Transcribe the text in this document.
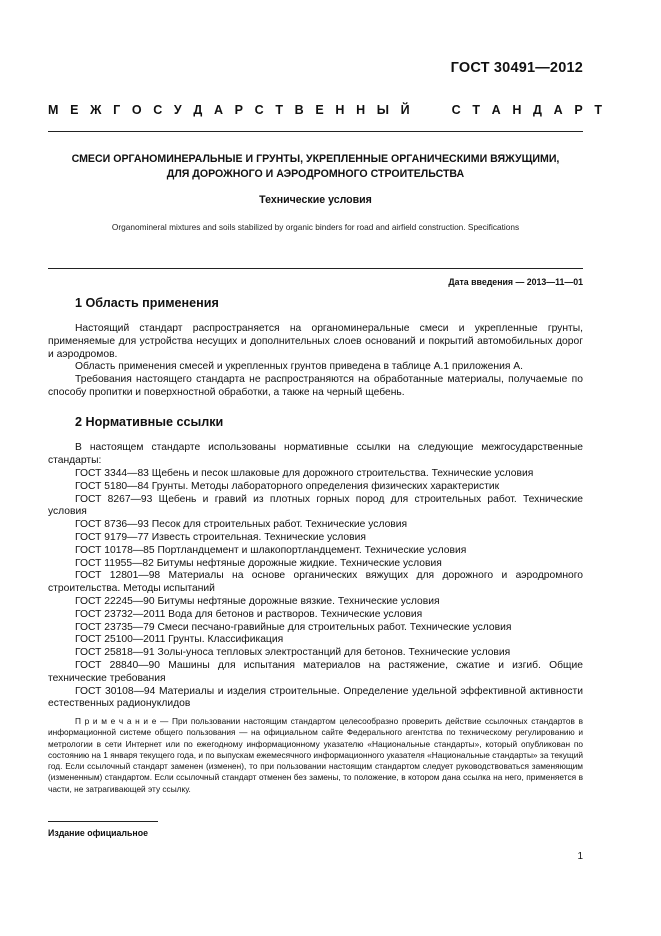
ГОСТ 30491—2012
М Е Ж Г О С У Д А Р С Т В Е Н Н Ы Й     С Т А Н Д А Р Т
СМЕСИ ОРГАНОМИНЕРАЛЬНЫЕ И ГРУНТЫ, УКРЕПЛЕННЫЕ ОРГАНИЧЕСКИМИ ВЯЖУЩИМИ,
ДЛЯ ДОРОЖНОГО И АЭРОДРОМНОГО СТРОИТЕЛЬСТВА
Технические условия
Organomineral mixtures and soils stabilized by organic binders for road and airfield construction. Specifications
Дата введения — 2013—11—01
1 Область применения

Настоящий стандарт распространяется на органоминеральные смеси и укрепленные грунты, применяемые для устройства несущих и дополнительных слоев оснований и покрытий автомобильных дорог и аэродромов.

Область применения смесей и укрепленных грунтов приведена в таблице А.1 приложения А.

Требования настоящего стандарта не распространяются на обработанные материалы, получаемые по способу пропитки и поверхностной обработки, а также на черный щебень.

2 Нормативные ссылки

В настоящем стандарте использованы нормативные ссылки на следующие межгосударственные стандарты:

ГОСТ 3344—83 Щебень и песок шлаковые для дорожного строительства. Технические условия
ГОСТ 5180—84 Грунты. Методы лабораторного определения физических характеристик
ГОСТ 8267—93 Щебень и гравий из плотных горных пород для строительных работ. Технические условия
ГОСТ 8736—93 Песок для строительных работ. Технические условия
ГОСТ 9179—77 Известь строительная. Технические условия
ГОСТ 10178—85 Портландцемент и шлакопортландцемент. Технические условия
ГОСТ 11955—82 Битумы нефтяные дорожные жидкие. Технические условия
ГОСТ 12801—98 Материалы на основе органических вяжущих для дорожного и аэродромного строительства. Методы испытаний
ГОСТ 22245—90 Битумы нефтяные дорожные вязкие. Технические условия
ГОСТ 23732—2011 Вода для бетонов и растворов. Технические условия
ГОСТ 23735—79 Смеси песчано-гравийные для строительных работ. Технические условия
ГОСТ 25100—2011 Грунты. Классификация
ГОСТ 25818—91 Золы-уноса тепловых электростанций для бетонов. Технические условия
ГОСТ 28840—90 Машины для испытания материалов на растяжение, сжатие и изгиб. Общие технические требования
ГОСТ 30108—94 Материалы и изделия строительные. Определение удельной эффективной активности естественных радионуклидов

П р и м е ч а н и е — При пользовании настоящим стандартом целесообразно проверить действие ссылочных стандартов в информационной системе общего пользования — на официальном сайте Федерального агентства по техническому регулированию и метрологии в сети Интернет или по ежегодному информационному указателю «Национальные стандарты», который опубликован по состоянию на 1 января текущего года, и по выпускам ежемесячного информационного указателя «Национальные стандарты» за текущий год. Если ссылочный стандарт заменен (изменен), то при пользовании настоящим стандартом следует руководствоваться заменяющим (измененным) стандартом. Если ссылочный стандарт отменен без замены, то положение, в котором дана ссылка на него, применяется в части, не затрагивающей эту ссылку.

Издание официальное
1
